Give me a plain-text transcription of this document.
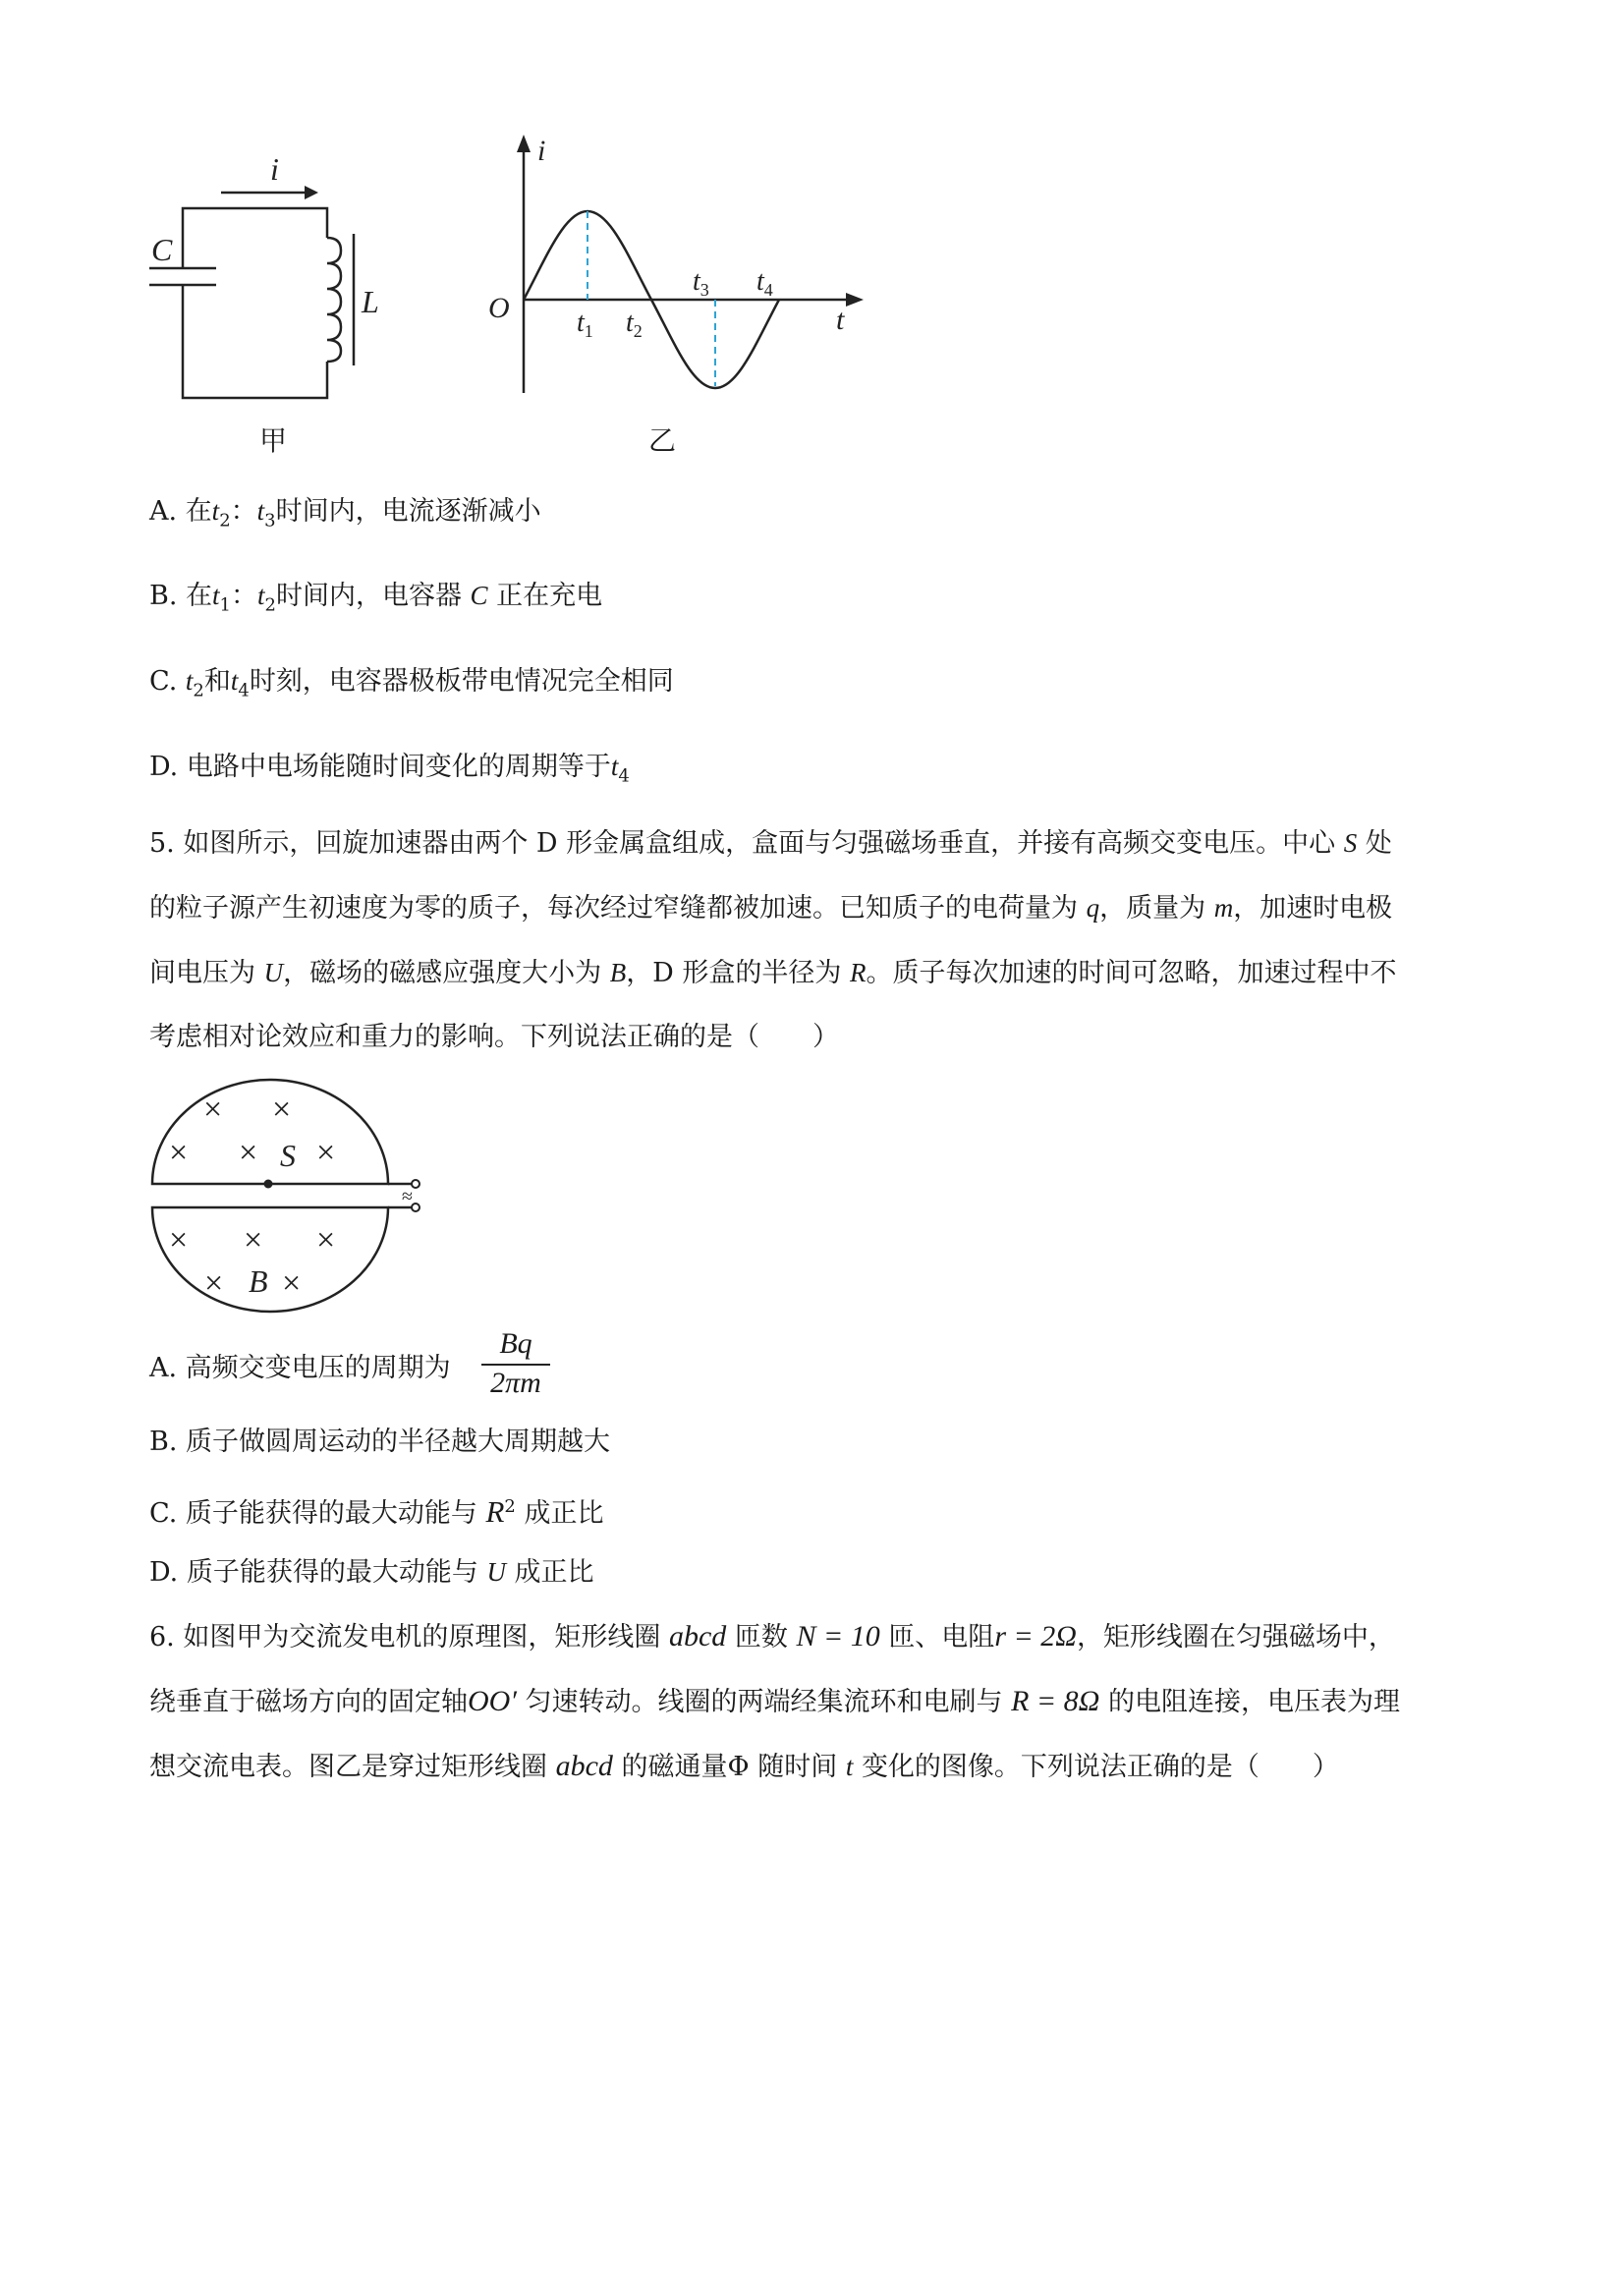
i
C
L
甲
i
O	t
$t_1$ $t_2$
$t_3$ $t_4$
乙
A. 在$t_2$：$t_3$时间内，电流逐渐减小
B. 在$t_1$：$t_2$时间内，电容器 C 正在充电
C. $t_2$和$t_4$时刻，电容器极板带电情况完全相同
D. 电路中电场能随时间变化的周期等于$t_4$
5. 如图所示，回旋加速器由两个 D 形金属盒组成，盒面与匀强磁场垂直，并接有高频交变电压。中心 S 处
的粒子源产生初速度为零的质子，每次经过窄缝都被加速。已知质子的电荷量为 q，质量为 m，加速时电极
间电压为 U，磁场的磁感应强度大小为 B，D 形盒的半径为 R。质子每次加速的时间可忽略，加速过程中不
考虑相对论效应和重力的影响。下列说法正确的是（　　）
≈
× ×
× × ×
× × ×
× ×
S
B
A. 高频交变电压的周期为
Bq
2πm
B. 质子做圆周运动的半径越大周期越大
C. 质子能获得的最大动能与 $R^2$ 成正比
D. 质子能获得的最大动能与 U 成正比
6. 如图甲为交流发电机的原理图，矩形线圈 abcd 匝数 N = 10 匝、电阻r = 2Ω，矩形线圈在匀强磁场中，
绕垂直于磁场方向的固定轴OO′ 匀速转动。线圈的两端经集流环和电刷与 R = 8Ω 的电阻连接，电压表为理
想交流电表。图乙是穿过矩形线圈 abcd 的磁通量Φ 随时间 t 变化的图像。下列说法正确的是（　　）
